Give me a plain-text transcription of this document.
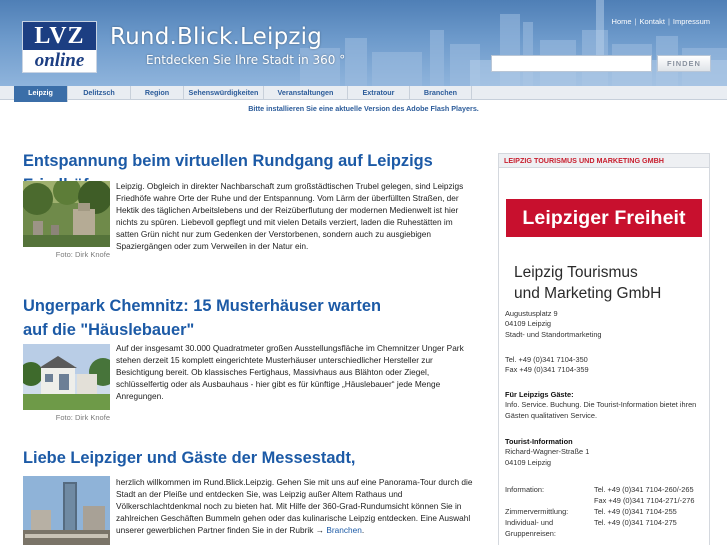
LVZ
online
Rund.Blick.Leipzig
Entdecken Sie Ihre Stadt in 360 °
Home | Kontakt | Impressum
FINDEN
Leipzig	Delitzsch	Region	Sehenswürdigkeiten	Veranstaltungen	Extratour	Branchen
Bitte installieren Sie eine aktuelle Version des Adobe Flash Players.
Entspannung beim virtuellen Rundgang auf Leipzigs
Foto: Dirk Knofe
Leipzig. Obgleich in direkter Nachbarschaft zum großstädtischen Trubel gelegen, sind Leipzigs Friedhöfe wahre Orte der Ruhe und der Entspannung. Vom Lärm der überfüllten Straßen, der Hektik des täglichen Arbeitslebens und der Reizüberflutung der modernen Medienwelt ist hier nichts zu spüren. Liebevoll gepflegt und mit vielen Details verziert, laden die Ruhestätten im satten Grün nicht nur zum Gedenken der Verstorbenen, sondern auch zu ausgiebigen Spaziergängen oder zum Verweilen in der Natur ein.
Ungerpark Chemnitz: 15 Musterhäuser warten auf die "Häuslebauer"
Foto: Dirk Knofe
Auf der insgesamt 30.000 Quadratmeter großen Ausstellungsfläche im Chemnitzer Unger Park stehen derzeit 15 komplett eingerichtete Musterhäuser unterschiedlicher Hersteller zur Besichtigung bereit. Ob klassisches Fertighaus, Massivhaus aus Blähton oder Ziegel, schlüsselfertig oder als Ausbauhaus - hier gibt es für künftige „Häuslebauer“ jede Menge Anregungen.
Liebe Leipziger und Gäste der Messestadt,
herzlich willkommen im Rund.Blick.Leipzig. Gehen Sie mit uns auf eine Panorama-Tour durch die Stadt an der Pleiße und entdecken Sie, was Leipzig außer Altem Rathaus und Völkerschlachtdenkmal noch zu bieten hat. Mit Hilfe der 360-Grad-Rundumsicht können Sie in zahlreichen Geschäften Bummeln gehen oder das kulinarische Leipzig entdecken. Eine Auswahl unserer gewerblichen Partner finden Sie in der Rubrik → Branchen.
LEIPZIG TOURISMUS UND MARKETING GMBH
Leipziger Freiheit
Leipzig Tourismus
und Marketing GmbH
Augustusplatz 9
04109 Leipzig
Stadt- und Standortmarketing
Tel. +49 (0)341 7104-350
Fax +49 (0)341 7104-359
Für Leipzigs Gäste:
Info. Service. Buchung. Die Tourist-Information bietet ihren Gästen qualitativen Service.
Tourist-Information
Richard-Wagner-Straße 1
04109 Leipzig
Information:	Tel. +49 (0)341 7104-260/-265
Fax +49 (0)341 7104-271/-276
Zimmervermittlung:	Tel. +49 (0)341 7104-255
Individual- und	Tel. +49 (0)341 7104-275
Gruppenreisen:
